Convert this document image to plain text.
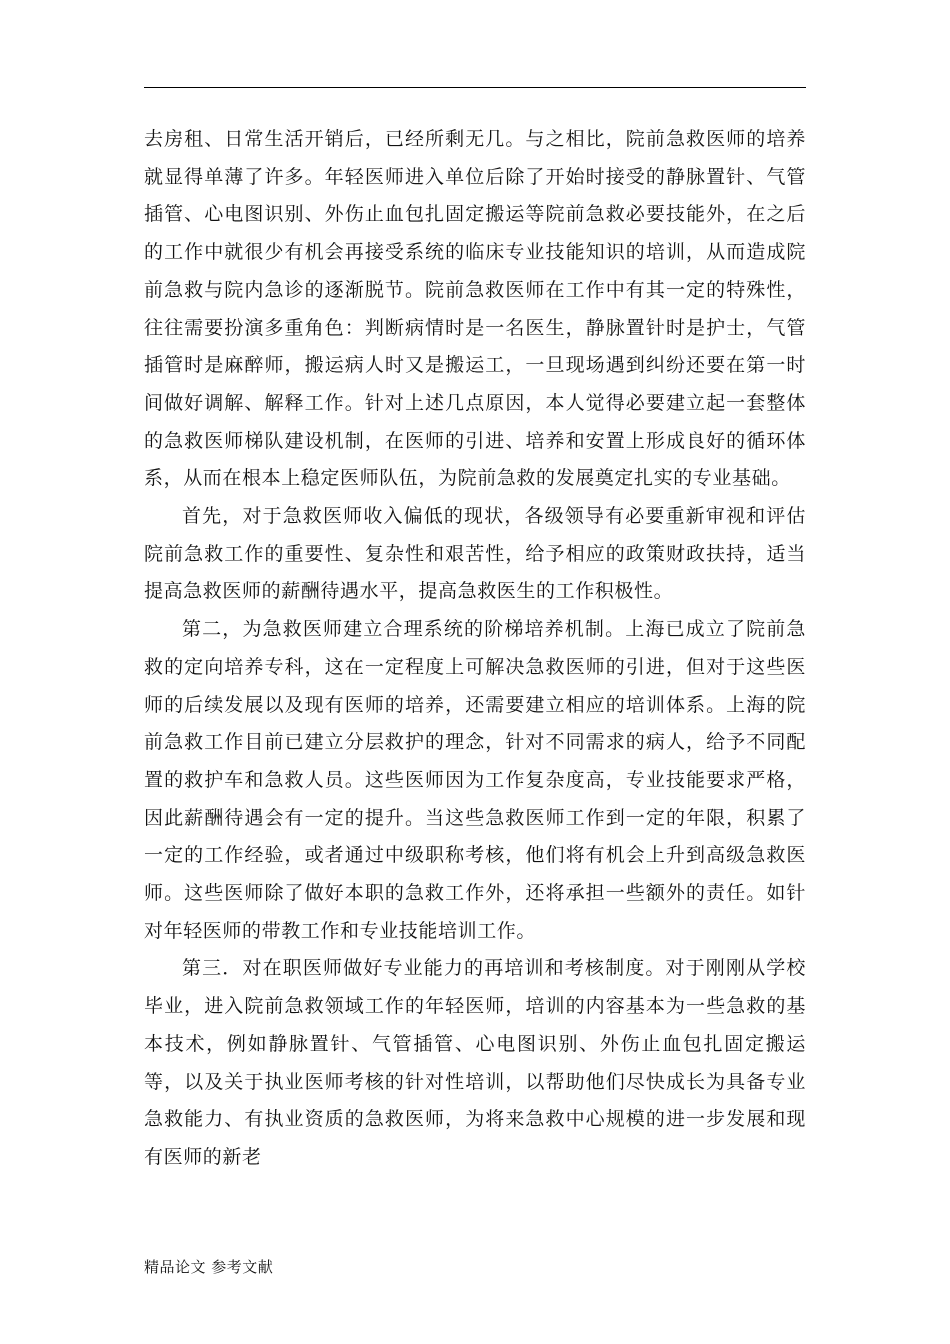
去房租、日常生活开销后，已经所剩无几。与之相比，院前急救医师的培养就显得单薄了许多。年轻医师进入单位后除了开始时接受的静脉置针、气管插管、心电图识别、外伤止血包扎固定搬运等院前急救必要技能外，在之后的工作中就很少有机会再接受系统的临床专业技能知识的培训，从而造成院前急救与院内急诊的逐渐脱节。院前急救医师在工作中有其一定的特殊性，往往需要扮演多重角色：判断病情时是一名医生，静脉置针时是护士，气管插管时是麻醉师，搬运病人时又是搬运工，一旦现场遇到纠纷还要在第一时间做好调解、解释工作。针对上述几点原因，本人觉得必要建立起一套整体的急救医师梯队建设机制，在医师的引进、培养和安置上形成良好的循环体系，从而在根本上稳定医师队伍，为院前急救的发展奠定扎实的专业基础。

首先，对于急救医师收入偏低的现状，各级领导有必要重新审视和评估院前急救工作的重要性、复杂性和艰苦性，给予相应的政策财政扶持，适当提高急救医师的薪酬待遇水平，提高急救医生的工作积极性。

第二，为急救医师建立合理系统的阶梯培养机制。上海已成立了院前急救的定向培养专科，这在一定程度上可解决急救医师的引进，但对于这些医师的后续发展以及现有医师的培养，还需要建立相应的培训体系。上海的院前急救工作目前已建立分层救护的理念，针对不同需求的病人，给予不同配置的救护车和急救人员。这些医师因为工作复杂度高，专业技能要求严格，因此薪酬待遇会有一定的提升。当这些急救医师工作到一定的年限，积累了一定的工作经验，或者通过中级职称考核，他们将有机会上升到高级急救医师。这些医师除了做好本职的急救工作外，还将承担一些额外的责任。如针对年轻医师的带教工作和专业技能培训工作。

第三．对在职医师做好专业能力的再培训和考核制度。对于刚刚从学校毕业，进入院前急救领域工作的年轻医师，培训的内容基本为一些急救的基本技术，例如静脉置针、气管插管、心电图识别、外伤止血包扎固定搬运等，以及关于执业医师考核的针对性培训，以帮助他们尽快成长为具备专业急救能力、有执业资质的急救医师，为将来急救中心规模的进一步发展和现有医师的新老

精品论文 参考文献
